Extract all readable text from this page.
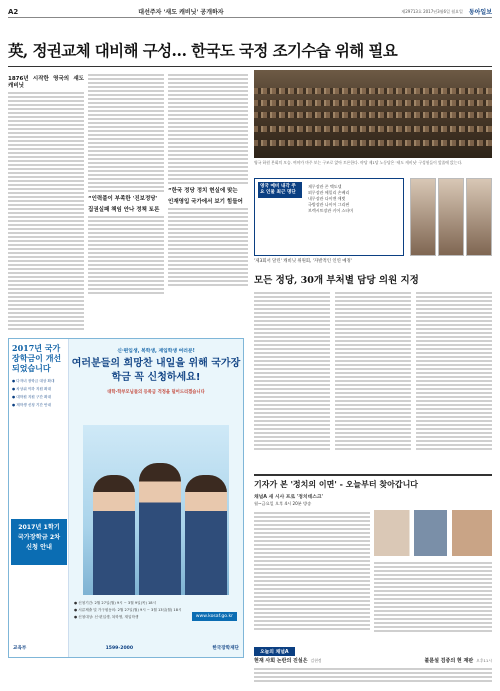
A2	대선주자 '새도 캐비닛' 공개하자	제29713호 2017년3월6일 월요일 동아일보
英, 정권교체 대비해 구성… 한국도 국정 조기수습 위해 필요
1876년 시작한 영국의 섀도 캐비닛
“인력풀이 부족한 '진보정당'
집권실패 책임 안나 정책 토론
“한국 정당 정치 현실에 맞는
인재영입 국가에서 보기 힘들어
영국 하원 본회의 모습. 여야가 마주 보는 구조로 앉아 토론한다. 야당 제1당 노동당은 '섀도 캐비닛' 구성원들이 앞줄에 앉는다.
영국 예비 내각 주요 인물 최근 명단
재무장관 존 맥도넬
외무장관 에밀리 손베리
내무장관 다이앤 애벗
국방장관 나이어 그리핀
브렉시트장관 키어 스타머
'제3회서 달린' 캐비닛 위원회, '자발적인 인연 예정'
모든 정당, 30개 부처별 담당 의원 지정
2017년 국가장학금이 개선되었습니다
● 다자녀 장학금 대상 확대
● 차상위 이하 지원 확대
● 대학원 지원 구간 확대
● 재학생 신청 기간 안내
2017년 1학기 국가장학금 2차 신청 안내
신·편입생, 복학생, 재입학생 여러분!
여러분들의 희망찬 내일을 위해 국가장학금 꼭 신청하세요!
대학·학부모님들의 등록금 걱정을 덜어드리겠습니다
www.kosaf.go.kr
● 신청기간: 2월 27일(월) 9시 ~ 3월 9일(목) 18시
● 서류제출 및 가구원동의: 2월 27일(월) 9시 ~ 3월 13일(월) 18시
● 신청대상: 신·편입생, 복학생, 재입학생
교육부	1599-2000	한국장학재단
기자가 본 '정치의 이면' - 오늘부터 찾아갑니다
채널A 새 시사 프로 '정치데스크'
월~금요일 오후 4시 20분 방송
오늘의 채널A
현재 사회 논란의 진실은 김현정	불륜설 검증의 현 재판 오후11시
